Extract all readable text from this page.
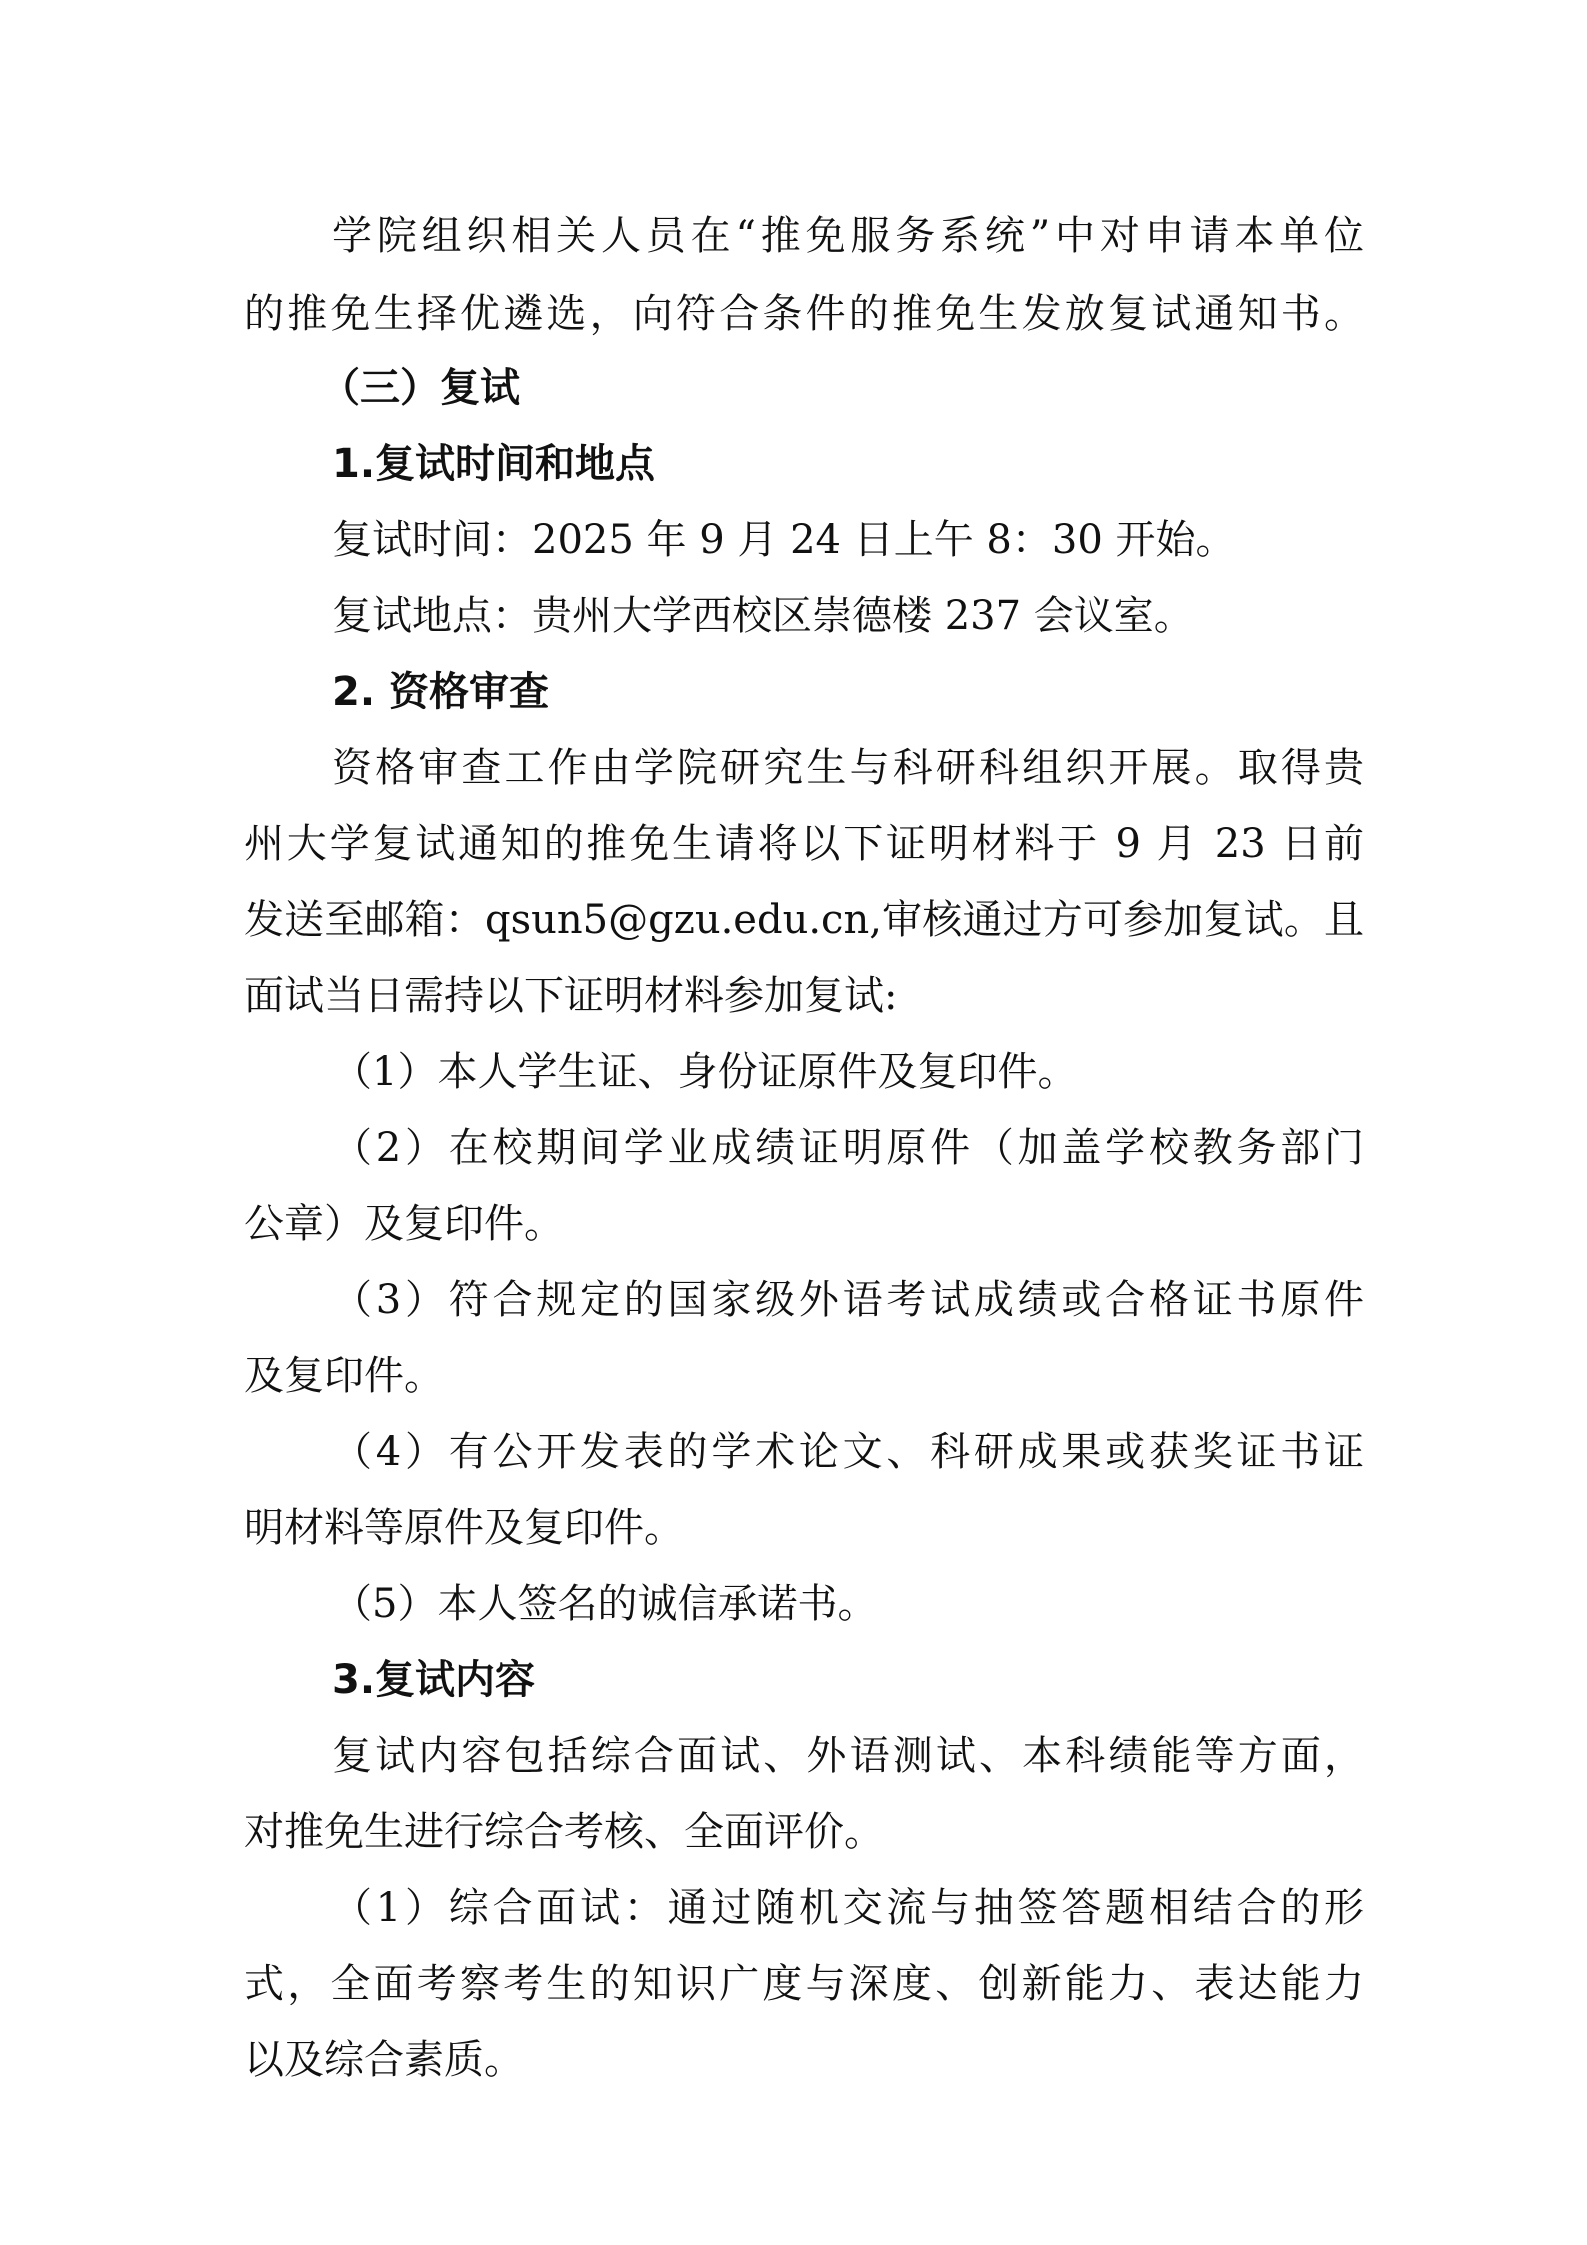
学院组织相关人员在“推免服务系统”中对申请本单位
的推免生择优遴选，向符合条件的推免生发放复试通知书。
（三）复试
1.复试时间和地点
复试时间：2025 年 9 月 24 日上午 8：30 开始。
复试地点：贵州大学西校区崇德楼 237 会议室。
2. 资格审查
资格审查工作由学院研究生与科研科组织开展。取得贵
州大学复试通知的推免生请将以下证明材料于 9 月 23 日前
发送至邮箱：qsun5@gzu.edu.cn,审核通过方可参加复试。且
面试当日需持以下证明材料参加复试:
（1）本人学生证、身份证原件及复印件。
（2）在校期间学业成绩证明原件（加盖学校教务部门
公章）及复印件。
（3）符合规定的国家级外语考试成绩或合格证书原件
及复印件。
（4）有公开发表的学术论文、科研成果或获奖证书证
明材料等原件及复印件。
（5）本人签名的诚信承诺书。
3.复试内容
复试内容包括综合面试、外语测试、本科绩能等方面，
对推免生进行综合考核、全面评价。
（1）综合面试：通过随机交流与抽签答题相结合的形
式，全面考察考生的知识广度与深度、创新能力、表达能力
以及综合素质。
